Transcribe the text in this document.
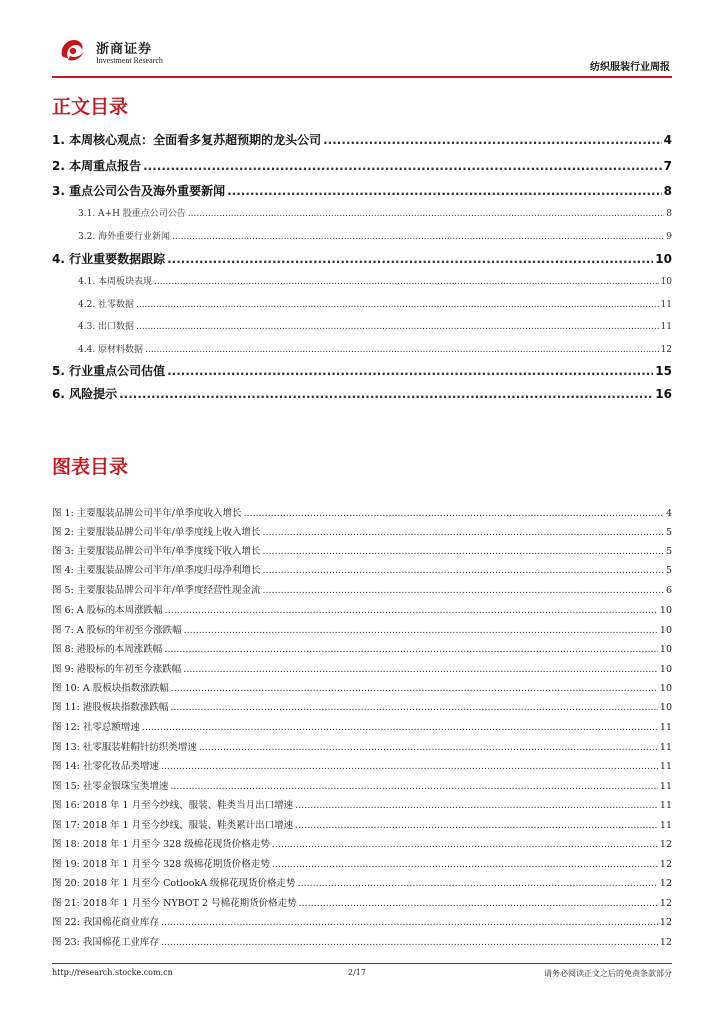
浙商证券
Investment Research
纺织服装行业周报
正文目录
1. 本周核心观点：全面看多复苏超预期的龙头公司 .....	4
2. 本周重点报告 .....	7
3. 重点公司公告及海外重要新闻 .....	8
3.1. A+H 股重点公司公告 .....	8
3.2. 海外重要行业新闻 .....	9
4. 行业重要数据跟踪 .....	10
4.1. 本周板块表现 .....	10
4.2. 社零数据 .....	11
4.3. 出口数据 .....	11
4.4. 原材料数据 .....	12
5. 行业重点公司估值 .....	15
6. 风险提示 .....	16
图表目录
图 1: 主要服装品牌公司半年/单季度收入增长 .....	4
图 2: 主要服装品牌公司半年/单季度线上收入增长 .....	5
图 3: 主要服装品牌公司半年/单季度线下收入增长 .....	5
图 4: 主要服装品牌公司半年/单季度归母净利增长 .....	5
图 5: 主要服装品牌公司半年/单季度经营性现金流 .....	6
图 6: A 股标的本周涨跌幅 .....	10
图 7: A 股标的年初至今涨跌幅 .....	10
图 8: 港股标的本周涨跌幅 .....	10
图 9: 港股标的年初至今涨跌幅 .....	10
图 10: A 股板块指数涨跌幅 .....	10
图 11: 港股板块指数涨跌幅 .....	10
图 12: 社零总额增速 .....	11
图 13: 社零服装鞋帽针纺织类增速 .....	11
图 14: 社零化妆品类增速 .....	11
图 15: 社零金银珠宝类增速 .....	11
图 16: 2018 年 1 月至今纱线、服装、鞋类当月出口增速 .....	11
图 17: 2018 年 1 月至今纱线、服装、鞋类累计出口增速 .....	11
图 18: 2018 年 1 月至今 328 级棉花现货价格走势 .....	12
图 19: 2018 年 1 月至今 328 级棉花期货价格走势 .....	12
图 20: 2018 年 1 月至今 CotlookA 级棉花现货价格走势 .....	12
图 21: 2018 年 1 月至今 NYBOT 2 号棉花期货价格走势 .....	12
图 22: 我国棉花商业库存 .....	12
图 23: 我国棉花工业库存 .....	12
http://research.stocke.com.cn	2/17	请务必阅读正文之后的免责条款部分
